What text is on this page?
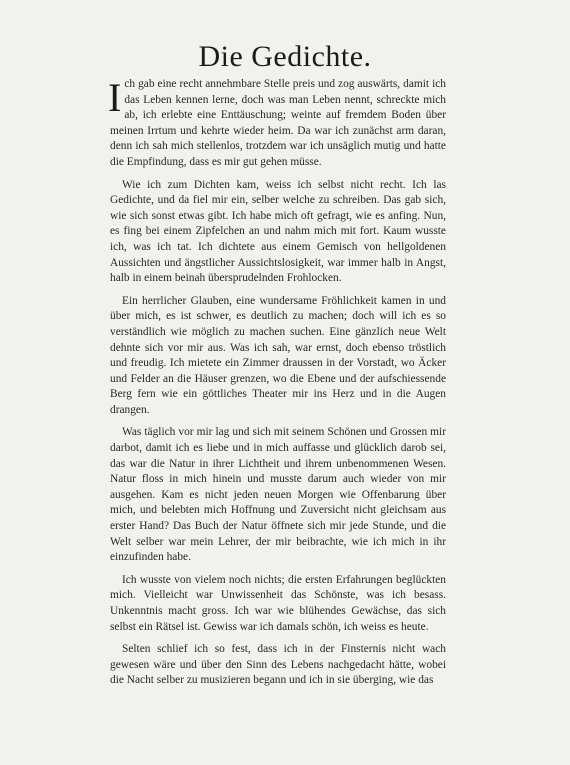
Die Gedichte.

Ich gab eine recht annehmbare Stelle preis und zog auswärts, damit ich das Leben kennen lerne, doch was man Leben nennt, schreckte mich ab, ich erlebte eine Enttäuschung; weinte auf fremdem Boden über meinen Irrtum und kehrte wieder heim. Da war ich zunächst arm daran, denn ich sah mich stellenlos, trotzdem war ich unsäglich mutig und hatte die Empfindung, dass es mir gut gehen müsse.

Wie ich zum Dichten kam, weiss ich selbst nicht recht. Ich las Gedichte, und da fiel mir ein, selber welche zu schreiben. Das gab sich, wie sich sonst etwas gibt. Ich habe mich oft gefragt, wie es anfing. Nun, es fing bei einem Zipfelchen an und nahm mich mit fort. Kaum wusste ich, was ich tat. Ich dichtete aus einem Gemisch von hellgoldenen Aussichten und ängstlicher Aussichtslosigkeit, war immer halb in Angst, halb in einem beinah übersprudelnden Frohlocken.

Ein herrlicher Glauben, eine wundersame Fröhlichkeit kamen in und über mich, es ist schwer, es deutlich zu machen; doch will ich es so verständlich wie möglich zu machen suchen. Eine gänzlich neue Welt dehnte sich vor mir aus. Was ich sah, war ernst, doch ebenso tröstlich und freudig. Ich mietete ein Zimmer draussen in der Vorstadt, wo Äcker und Felder an die Häuser grenzen, wo die Ebene und der aufschiessende Berg fern wie ein göttliches Theater mir ins Herz und in die Augen drangen.

Was täglich vor mir lag und sich mit seinem Schönen und Grossen mir darbot, damit ich es liebe und in mich auffasse und glücklich darob sei, das war die Natur in ihrer Lichtheit und ihrem unbenommenen Wesen. Natur floss in mich hinein und musste darum auch wieder von mir ausgehen. Kam es nicht jeden neuen Morgen wie Offenbarung über mich, und belebten mich Hoffnung und Zuversicht nicht gleichsam aus erster Hand? Das Buch der Natur öffnete sich mir jede Stunde, und die Welt selber war mein Lehrer, der mir beibrachte, wie ich mich in ihr einzufinden habe.

Ich wusste von vielem noch nichts; die ersten Erfahrungen beglückten mich. Vielleicht war Unwissenheit das Schönste, was ich besass. Unkenntnis macht gross. Ich war wie blühendes Gewächse, das sich selbst ein Rätsel ist. Gewiss war ich damals schön, ich weiss es heute.

Selten schlief ich so fest, dass ich in der Finsternis nicht wach gewesen wäre und über den Sinn des Lebens nachgedacht hätte, wobei die Nacht selber zu musizieren begann und ich in sie überging, wie das
